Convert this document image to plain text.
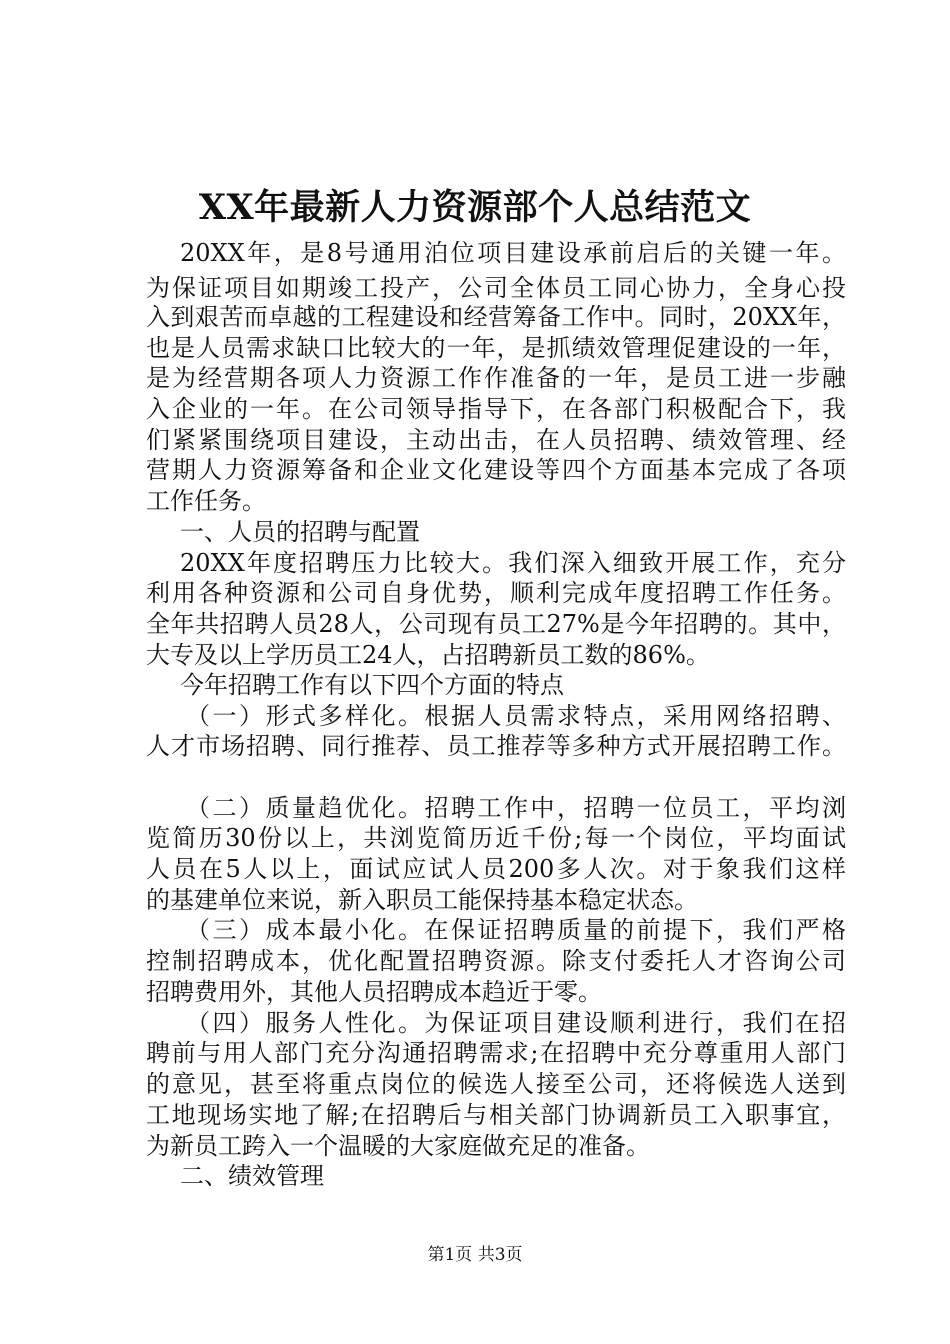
XX年最新人力资源部个人总结范文
20XX年，是8号通用泊位项目建设承前启后的关键一年。
为保证项目如期竣工投产，公司全体员工同心协力，全身心投
入到艰苦而卓越的工程建设和经营筹备工作中。同时，20XX年，
也是人员需求缺口比较大的一年，是抓绩效管理促建设的一年，
是为经营期各项人力资源工作作准备的一年，是员工进一步融
入企业的一年。在公司领导指导下，在各部门积极配合下，我
们紧紧围绕项目建设，主动出击，在人员招聘、绩效管理、经
营期人力资源筹备和企业文化建设等四个方面基本完成了各项
工作任务。
一、人员的招聘与配置
20XX年度招聘压力比较大。我们深入细致开展工作，充分
利用各种资源和公司自身优势，顺利完成年度招聘工作任务。
全年共招聘人员28人，公司现有员工27%是今年招聘的。其中，
大专及以上学历员工24人，占招聘新员工数的86%。
今年招聘工作有以下四个方面的特点
（一）形式多样化。根据人员需求特点，采用网络招聘、
人才市场招聘、同行推荐、员工推荐等多种方式开展招聘工作。
（二）质量趋优化。招聘工作中，招聘一位员工，平均浏
览简历30份以上，共浏览简历近千份;每一个岗位，平均面试
人员在5人以上，面试应试人员200多人次。对于象我们这样
的基建单位来说，新入职员工能保持基本稳定状态。
（三）成本最小化。在保证招聘质量的前提下，我们严格
控制招聘成本，优化配置招聘资源。除支付委托人才咨询公司
招聘费用外，其他人员招聘成本趋近于零。
（四）服务人性化。为保证项目建设顺利进行，我们在招
聘前与用人部门充分沟通招聘需求;在招聘中充分尊重用人部门
的意见，甚至将重点岗位的候选人接至公司，还将候选人送到
工地现场实地了解;在招聘后与相关部门协调新员工入职事宜，
为新员工跨入一个温暖的大家庭做充足的准备。
二、绩效管理
第1页 共3页
